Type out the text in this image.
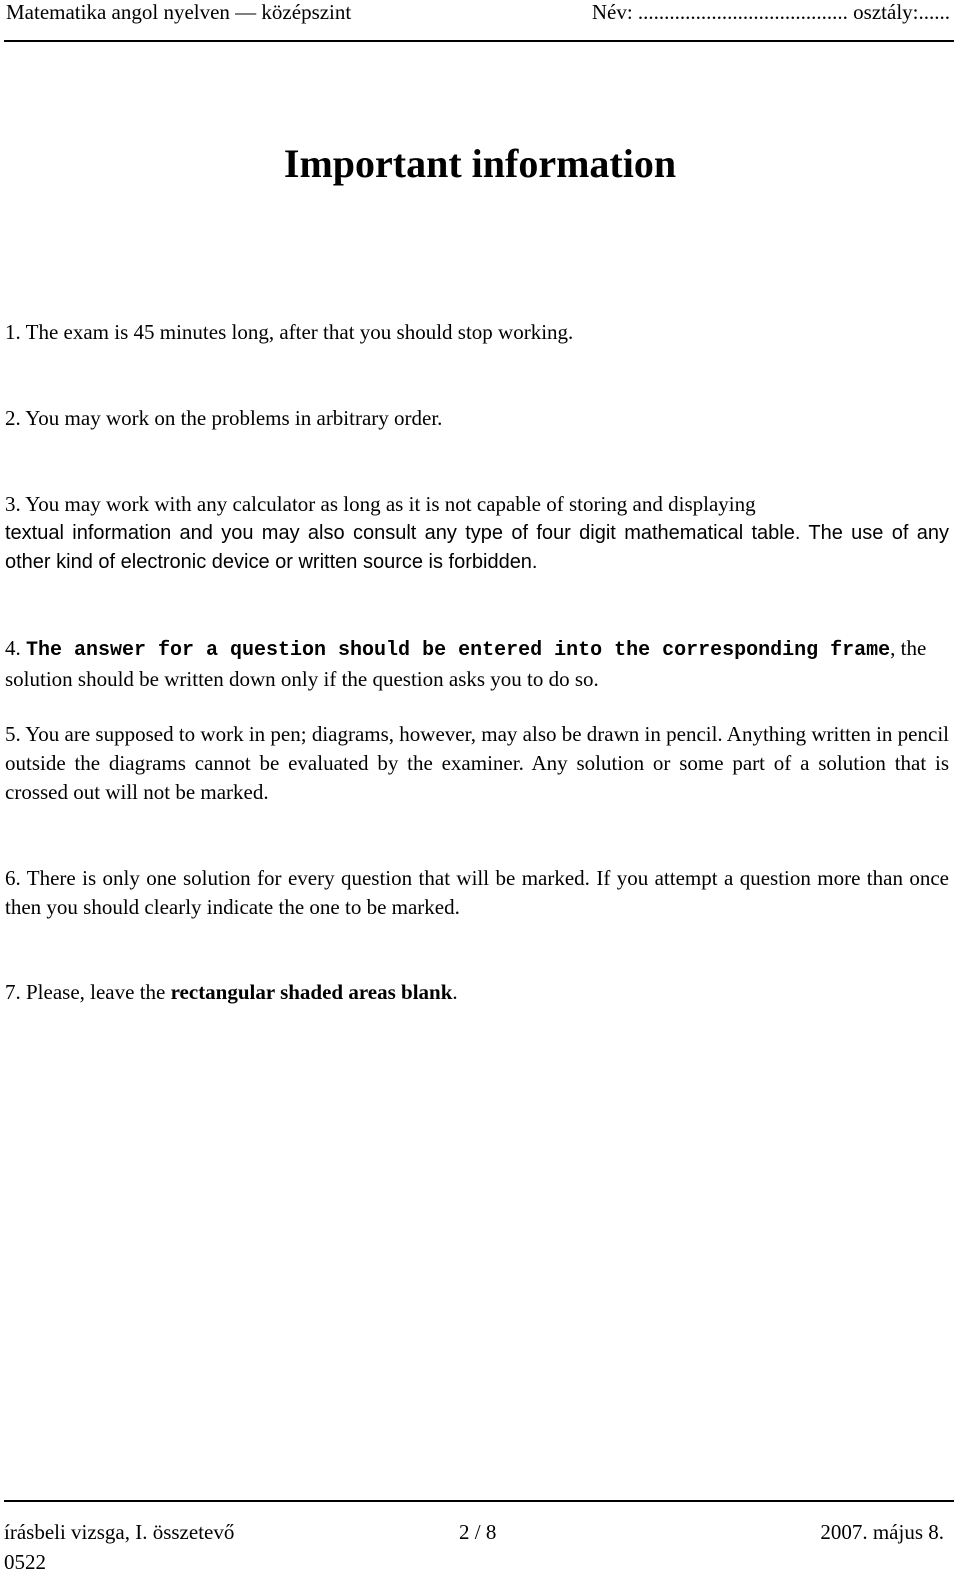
Matematika angol nyelven — középszint	Név: ........................................ osztály:......
Important information
1. The exam is 45 minutes long, after that you should stop working.
2. You may work on the problems in arbitrary order.
3. You may work with any calculator as long as it is not capable of storing and displaying
textual information and you may also consult any type of four digit mathematical table. The use of any other kind of electronic device or written source is forbidden.
4. The answer for a question should be entered into the corresponding frame, the
solution should be written down only if the question asks you to do so.
5. You are supposed to work in pen; diagrams, however, may also be drawn in pencil. Anything written in pencil outside the diagrams cannot be evaluated by the examiner. Any solution or some part of a solution that is crossed out will not be marked.
6. There is only one solution for every question that will be marked. If you attempt a question more than once then you should clearly indicate the one to be marked.
7. Please, leave the rectangular shaded areas blank.
írásbeli vizsga, I. összetevő	2 / 8	2007. május 8.
0522
